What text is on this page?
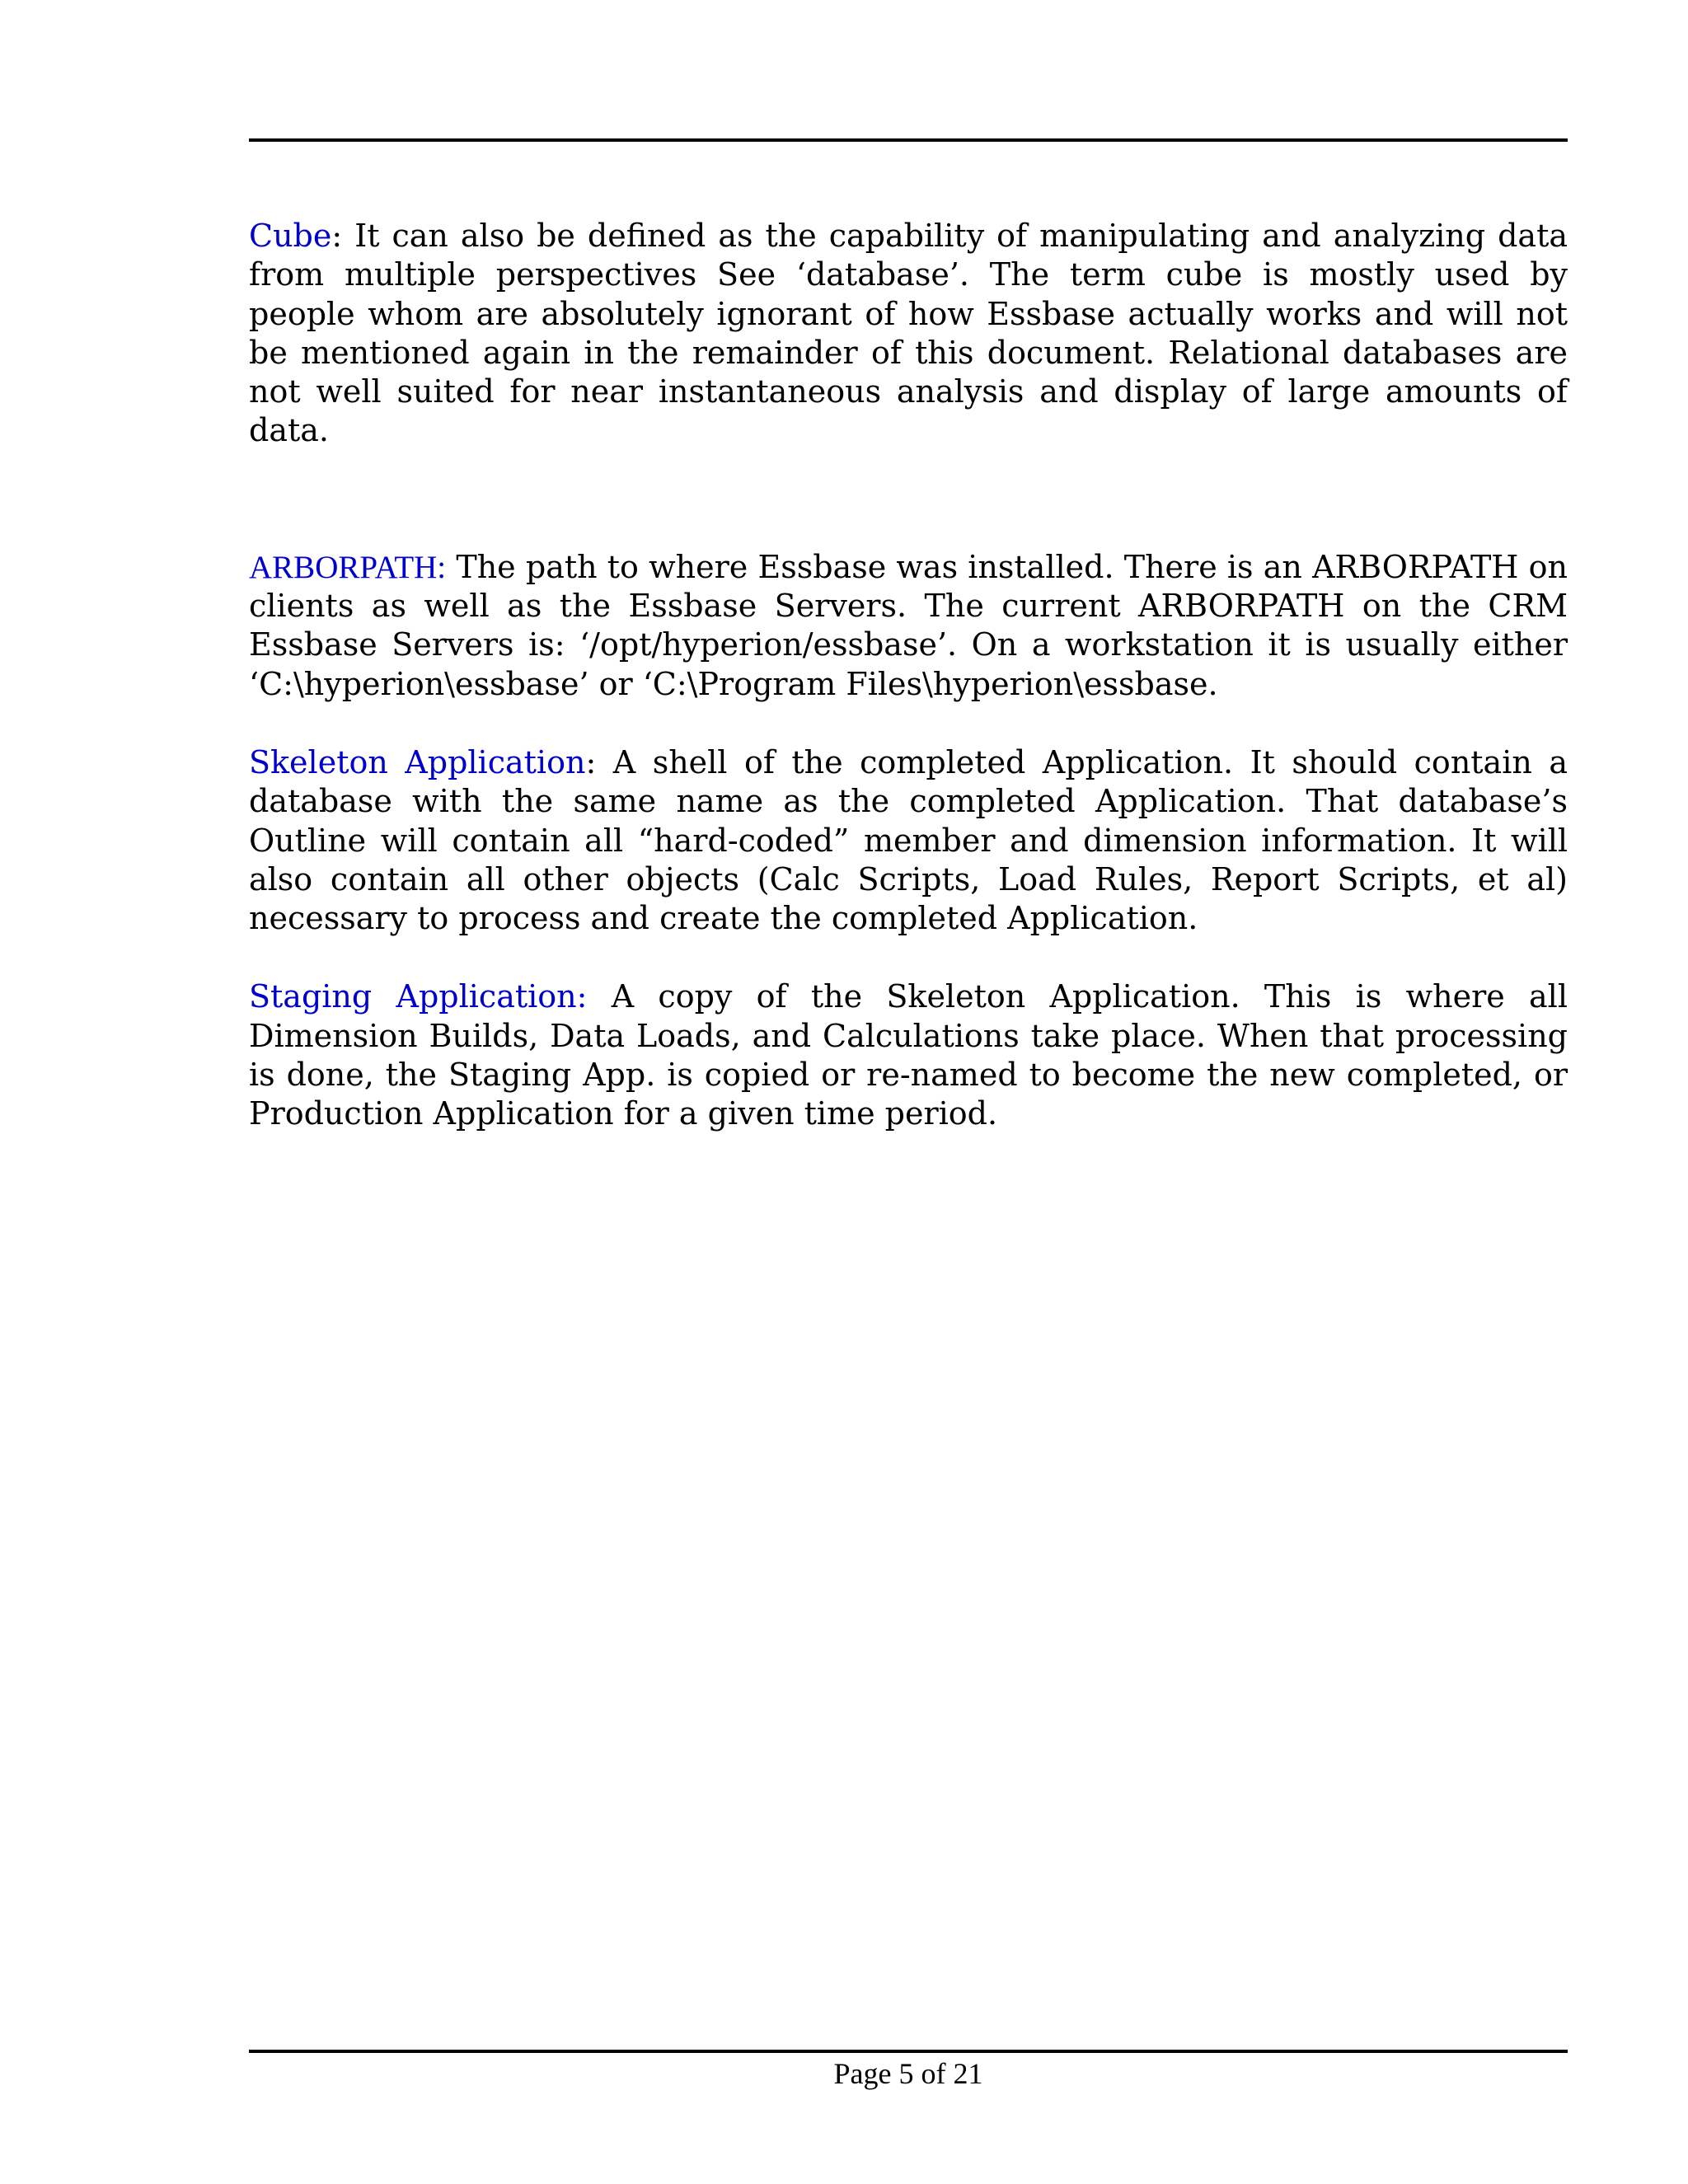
Cube: It can also be defined as the capability of manipulating and analyzing data from multiple perspectives See ‘database’. The term cube is mostly used by people whom are absolutely ignorant of how Essbase actually works and will not be mentioned again in the remainder of this document. Relational databases are not well suited for near instantaneous analysis and display of large amounts of data.

ARBORPATH: The path to where Essbase was installed. There is an ARBORPATH on clients as well as the Essbase Servers. The current ARBORPATH on the CRM Essbase Servers is: ‘/opt/hyperion/essbase’. On a workstation it is usually either ‘C:\hyperion\essbase’ or ‘C:\Program Files\hyperion\essbase.

Skeleton Application: A shell of the completed Application. It should contain a database with the same name as the completed Application. That database’s Outline will contain all “hard-coded” member and dimension information. It will also contain all other objects (Calc Scripts, Load Rules, Report Scripts, et al) necessary to process and create the completed Application.

Staging Application: A copy of the Skeleton Application. This is where all Dimension Builds, Data Loads, and Calculations take place. When that processing is done, the Staging App. is copied or re-named to become the new completed, or Production Application for a given time period.

Page 5 of 21
